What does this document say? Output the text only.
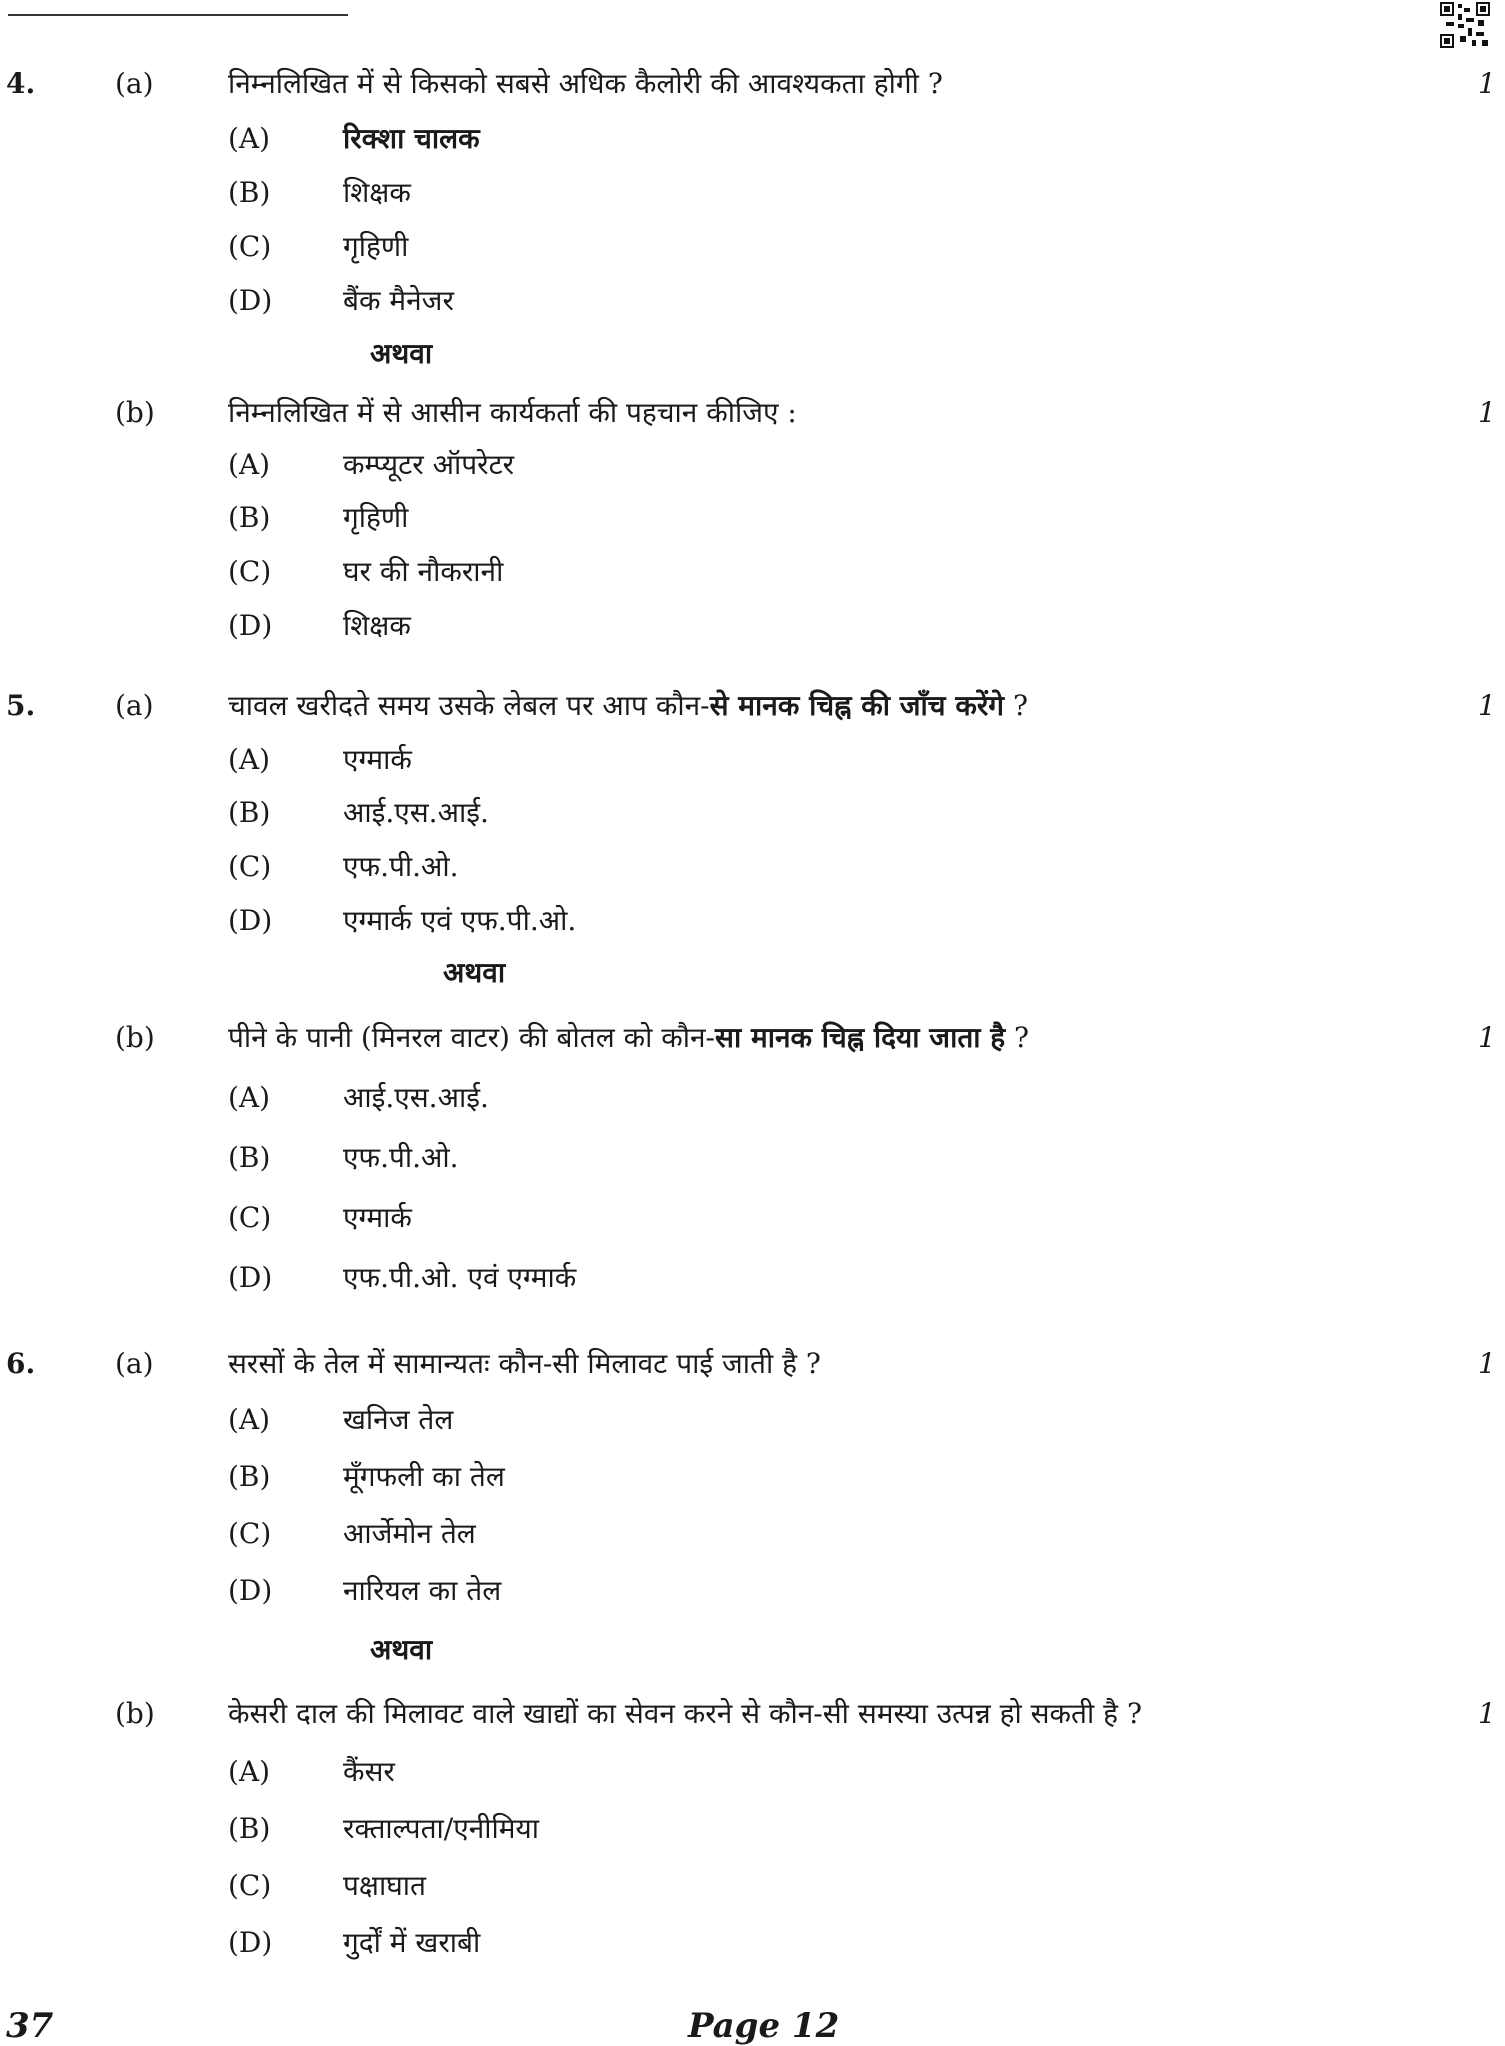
4.	(a)	निम्नलिखित में से किसको सबसे अधिक कैलोरी की आवश्यकता होगी ?	1
(A)	रिक्शा चालक
(B)	शिक्षक
(C)	गृहिणी
(D)	बैंक मैनेजर
अथवा
(b)	निम्नलिखित में से आसीन कार्यकर्ता की पहचान कीजिए :	1
(A)	कम्प्यूटर ऑपरेटर
(B)	गृहिणी
(C)	घर की नौकरानी
(D)	शिक्षक
5.	(a)	चावल खरीदते समय उसके लेबल पर आप कौन-से मानक चिह्न की जाँच करेंगे ?	1
(A)	एग्मार्क
(B)	आई.एस.आई.
(C)	एफ.पी.ओ.
(D)	एग्मार्क एवं एफ.पी.ओ.
अथवा
(b)	पीने के पानी (मिनरल वाटर) की बोतल को कौन-सा मानक चिह्न दिया जाता है ?	1
(A)	आई.एस.आई.
(B)	एफ.पी.ओ.
(C)	एग्मार्क
(D)	एफ.पी.ओ. एवं एग्मार्क
6.	(a)	सरसों के तेल में सामान्यतः कौन-सी मिलावट पाई जाती है ?	1
(A)	खनिज तेल
(B)	मूँगफली का तेल
(C)	आर्जेमोन तेल
(D)	नारियल का तेल
अथवा
(b)	केसरी दाल की मिलावट वाले खाद्यों का सेवन करने से कौन-सी समस्या उत्पन्न हो सकती है ?	1
(A)	कैंसर
(B)	रक्ताल्पता/एनीमिया
(C)	पक्षाघात
(D)	गुर्दों में खराबी
37	Page 12
